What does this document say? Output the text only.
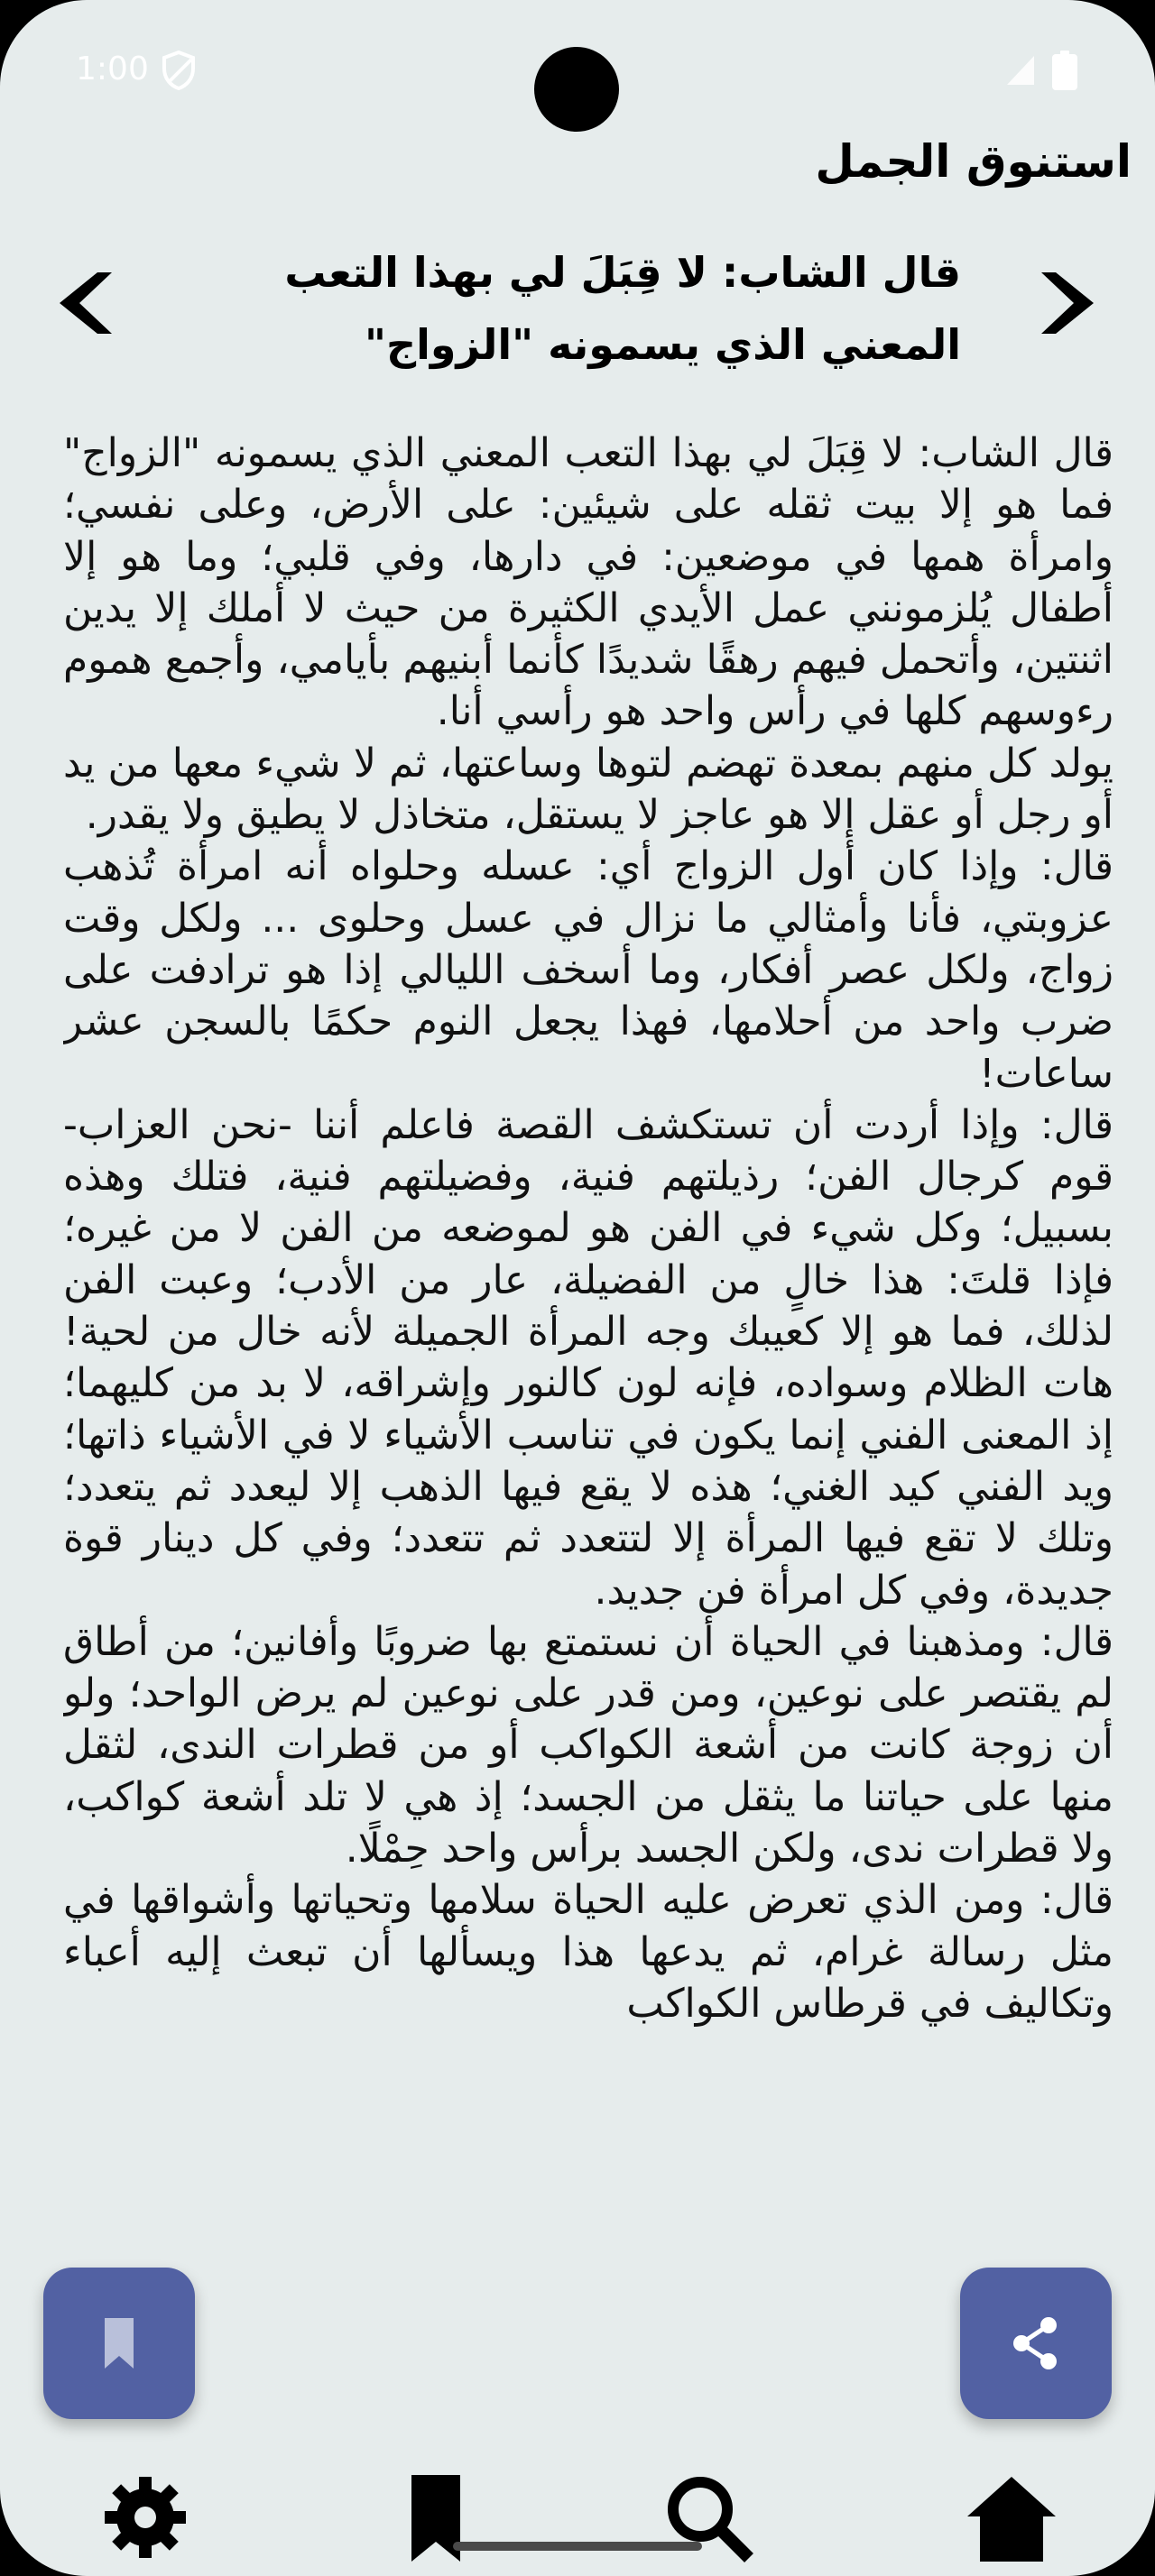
1:00
استنوق الجمل
قال الشاب: لا قِبَلَ لي بهذا التعب المعني الذي يسمونه "الزواج"

قال الشاب: لا قِبَلَ لي بهذا التعب المعني الذي يسمونه "الزواج" فما هو إلا بيت ثقله على شيئين: على الأرض، وعلى نفسي؛ وامرأة همها في موضعين: في دارها، وفي قلبي؛ وما هو إلا أطفال يُلزمونني عمل الأيدي الكثيرة من حيث لا أملك إلا يدين اثنتين، وأتحمل فيهم رهقًا شديدًا كأنما أبنيهم بأيامي، وأجمع هموم رءوسهم كلها في رأس واحد هو رأسي أنا.

يولد كل منهم بمعدة تهضم لتوها وساعتها، ثم لا شيء معها من يد أو رجل أو عقل إلا هو عاجز لا يستقل، متخاذل لا يطيق ولا يقدر.

قال: وإذا كان أول الزواج أي: عسله وحلواه أنه امرأة تُذهب عزوبتي، فأنا وأمثالي ما نزال في عسل وحلوى ... ولكل وقت زواج، ولكل عصر أفكار، وما أسخف الليالي إذا هو ترادفت على ضرب واحد من أحلامها، فهذا يجعل النوم حكمًا بالسجن عشر ساعات!

قال: وإذا أردت أن تستكشف القصة فاعلم أننا -نحن العزاب- قوم كرجال الفن؛ رذيلتهم فنية، وفضيلتهم فنية، فتلك وهذه بسبيل؛ وكل شيء في الفن هو لموضعه من الفن لا من غيره؛ فإذا قلتَ: هذا خالٍ من الفضيلة، عار من الأدب؛ وعبت الفن لذلك، فما هو إلا كعيبك وجه المرأة الجميلة لأنه خال من لحية! هات الظلام وسواده، فإنه لون كالنور وإشراقه، لا بد من كليهما؛ إذ المعنى الفني إنما يكون في تناسب الأشياء لا في الأشياء ذاتها؛ ويد الفني كيد الغني؛ هذه لا يقع فيها الذهب إلا ليعدد ثم يتعدد؛ وتلك لا تقع فيها المرأة إلا لتتعدد ثم تتعدد؛ وفي كل دينار قوة جديدة، وفي كل امرأة فن جديد.

قال: ومذهبنا في الحياة أن نستمتع بها ضروبًا وأفانين؛ من أطاق لم يقتصر على نوعين، ومن قدر على نوعين لم يرض الواحد؛ ولو أن زوجة كانت من أشعة الكواكب أو من قطرات الندى، لثقل منها على حياتنا ما يثقل من الجسد؛ إذ هي لا تلد أشعة كواكب، ولا قطرات ندى، ولكن الجسد برأس واحد حِمْلًا.

قال: ومن الذي تعرض عليه الحياة سلامها وتحياتها وأشواقها في مثل رسالة غرام، ثم يدعها هذا ويسألها أن تبعث إليه أعباء وتكاليف في قرطاس الكواكب
